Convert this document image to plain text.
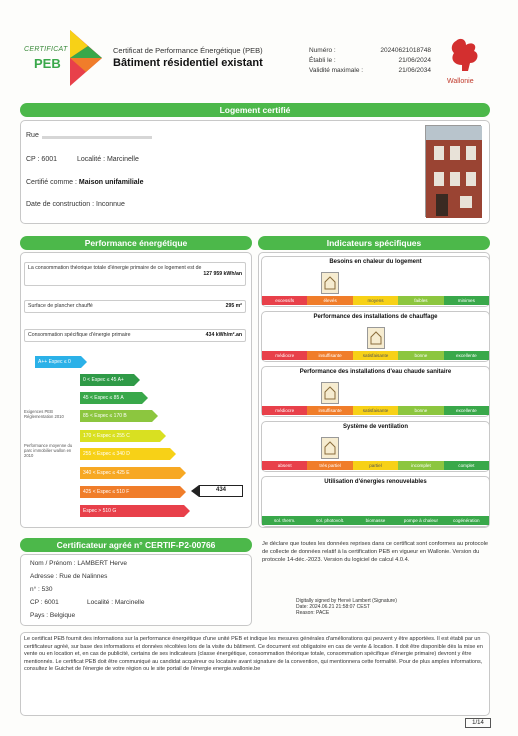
CERTIFICAT
PEB
Certificat de Performance Énergétique (PEB)
Bâtiment résidentiel existant
Numéro :	20240621018748
Établi le :	21/06/2024
Validité maximale :	21/06/2034
Wallonie
Logement certifié
Rue
CP : 6001	Localité : Marcinelle
Certifié comme : Maison unifamiliale
Date de construction : Inconnue
Performance énergétique
La consommation théorique totale d'énergie primaire de ce logement est de
127 959 kWh/an
Surface de plancher chauffé	295 m²
Consommation spécifique d'énergie primaire	434 kWh/m².an
A++ Espec ≤ 0
0 < Espec ≤ 45 A+
45 < Espec ≤ 85 A
85 < Espec ≤ 170 B
170 < Espec ≤ 255 C
255 < Espec ≤ 340 D
340 < Espec ≤ 425 E
425 < Espec ≤ 510 F
Espec > 510 G
Exigences PEB Réglementation 2010
Performance moyenne du parc immobilier wallon en 2010
434
Indicateurs spécifiques
Besoins en chaleur du logement
excessifs	élevés	moyens	faibles	minimes
Performance des installations de chauffage
médiocre	insuffisante	satisfaisante	bonne	excellente
Performance des installations d'eau chaude sanitaire
médiocre	insuffisante	satisfaisante	bonne	excellente
Système de ventilation
absent	très partiel	partiel	incomplet	complet
Utilisation d'énergies renouvelables
sol. therm.	sol. photovolt.	biomasse	pompe à chaleur	cogénération
Certificateur agréé n° CERTIF-P2-00766
Nom / Prénom : LAMBERT Herve
Adresse : Rue de Nalinnes
n° : 530
CP : 6001	Localité : Marcinelle
Pays : Belgique
Je déclare que toutes les données reprises dans ce certificat sont conformes au protocole de collecte de données relatif à la certification PEB en vigueur en Wallonie. Version du protocole 14-déc.-2023. Version du logiciel de calcul 4.0.4.
Digitally signed by Hervé Lambert (Signature)
Date: 2024.06.21 21:58:07 CEST
Reason: PACE
Le certificat PEB fournit des informations sur la performance énergétique d'une unité PEB et indique les mesures générales d'améliorations qui peuvent y être apportées. Il est établi par un certificateur agréé, sur base des informations et données récoltées lors de la visite du bâtiment. Ce document est obligatoire en cas de vente & location. Il doit être disponible dès la mise en vente ou en location et, en cas de publicité, certains de ses indicateurs (classe énergétique, consommation théorique totale, consommation spécifique d'énergie primaire) devront y être mentionnés. Le certificat PEB doit être communiqué au candidat acquéreur ou locataire avant signature de la convention, qui mentionnera cette formalité. Pour de plus amples informations, consultez le Guichet de l'énergie de votre région ou le site portail de l'énergie energie.wallonie.be
1/14
